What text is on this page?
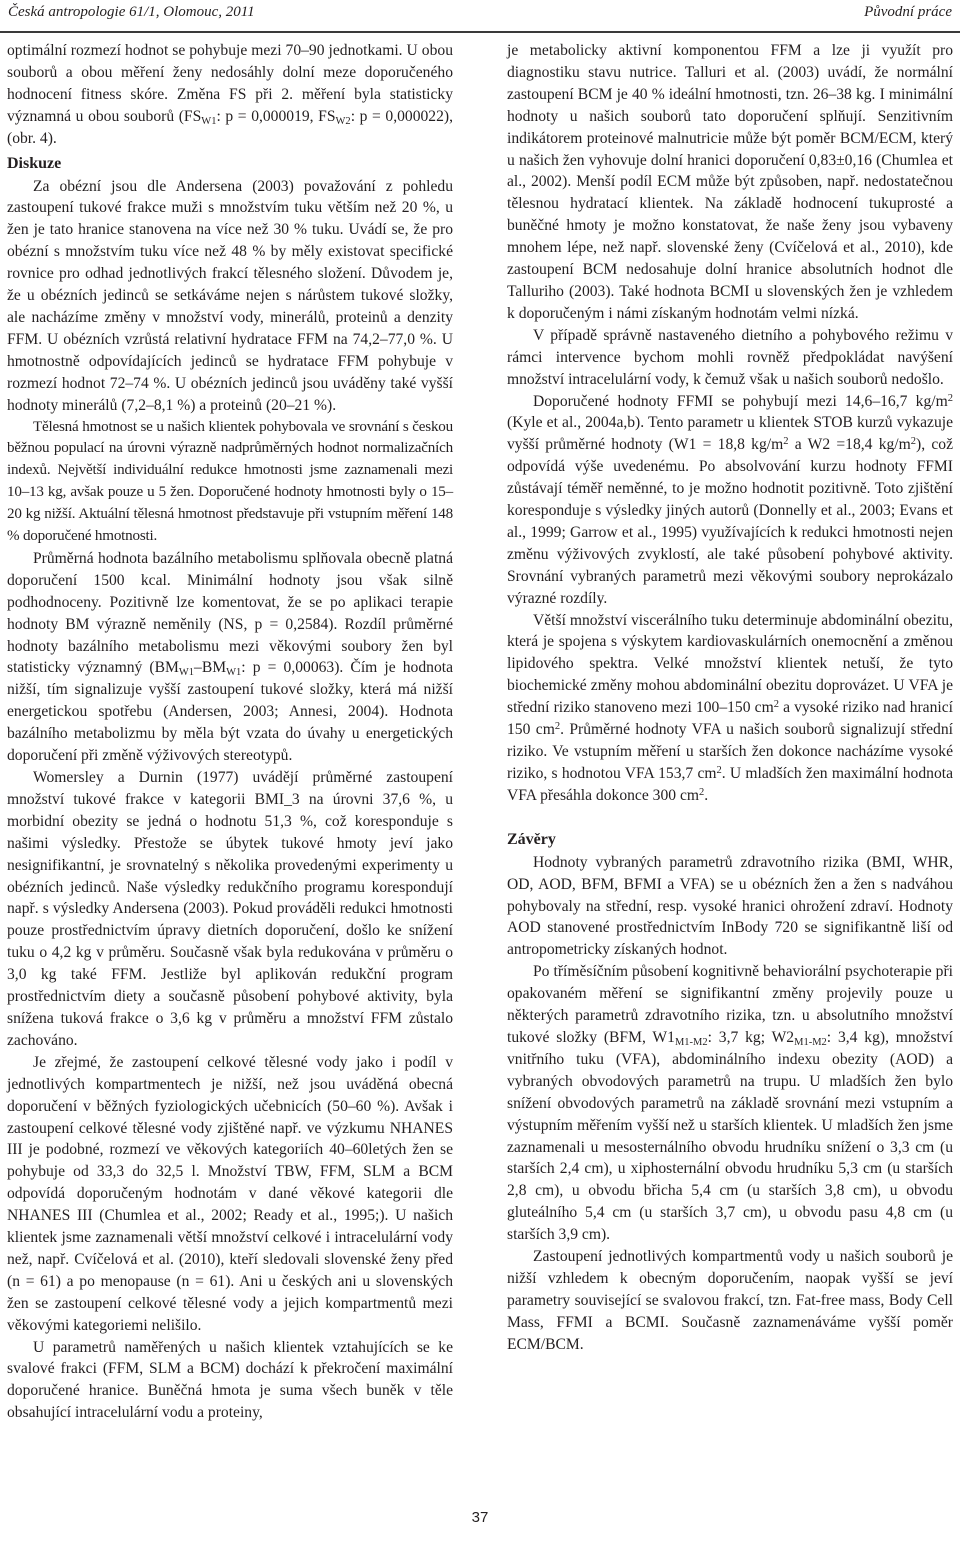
Česká antropologie 61/1, Olomouc, 2011	Původní práce

optimální rozmezí hodnot se pohybuje mezi 70–90 jednotkami. U obou souborů a obou měření ženy nedosáhly dolní meze doporučeného hodnocení fitness skóre. Změna FS při 2. měření byla statisticky významná u obou souborů ($FS_{W1}$: p = 0,000019, $FS_{W2}$: p = 0,000022), (obr. 4).

Diskuze

Za obézní jsou dle Andersena (2003) považování z pohledu zastoupení tukové frakce muži s množstvím tuku větším než 20 %, u žen je tato hranice stanovena na více než 30 % tuku. Uvádí se, že pro obézní s množstvím tuku více než 48 % by měly existovat specifické rovnice pro odhad jednotlivých frakcí tělesného složení. Důvodem je, že u obézních jedinců se setkáváme nejen s nárůstem tukové složky, ale nacházíme změny v množství vody, minerálů, proteinů a denzity FFM. U obézních vzrůstá relativní hydratace FFM na 74,2–77,0 %. U hmotnostně odpovídajících jedinců se hydratace FFM pohybuje v rozmezí hodnot 72–74 %. U obézních jedinců jsou uváděny také vyšší hodnoty minerálů (7,2–8,1 %) a proteinů (20–21 %).

Tělesná hmotnost se u našich klientek pohybovala ve srovnání s českou běžnou populací na úrovni výrazně nadprůměrných hodnot normalizačních indexů. Největší individuální redukce hmotnosti jsme zaznamenali mezi 10–13 kg, avšak pouze u 5 žen. Doporučené hodnoty hmotnosti byly o 15–20 kg nižší. Aktuální tělesná hmotnost představuje při vstupním měření 148 % doporučené hmotnosti.

Průměrná hodnota bazálního metabolismu splňovala obecně platná doporučení 1500 kcal. Minimální hodnoty jsou však silně podhodnoceny. Pozitivně lze komentovat, že se po aplikaci terapie hodnoty BM výrazně neměnily (NS, p = 0,2584). Rozdíl průměrné hodnoty bazálního metabolismu mezi věkovými soubory žen byl statisticky významný ($BM_{W1}-BM_{W1}$: p = 0,00063). Čím je hodnota nižší, tím signalizuje vyšší zastoupení tukové složky, která má nižší energetickou spotřebu (Andersen, 2003; Annesi, 2004). Hodnota bazálního metabolizmu by měla být vzata do úvahy u energetických doporučení při změně výživových stereotypů.

Womersley a Durnin (1977) uvádějí průměrné zastoupení množství tukové frakce v kategorii BMI_3 na úrovni 37,6 %, u morbidní obezity se jedná o hodnotu 51,3 %, což koresponduje s našimi výsledky. Přestože se úbytek tukové hmoty jeví jako nesignifikantní, je srovnatelný s několika provedenými experimenty u obézních jedinců. Naše výsledky redukčního programu korespondují např. s výsledky Andersena (2003). Pokud prováděli redukci hmotnosti pouze prostřednictvím úpravy dietních doporučení, došlo ke snížení tuku o 4,2 kg v průměru. Současně však byla redukována v průměru o 3,0 kg také FFM. Jestliže byl aplikován redukční program prostřednictvím diety a současně působení pohybové aktivity, byla snížena tuková frakce o 3,6 kg v průměru a množství FFM zůstalo zachováno.

Je zřejmé, že zastoupení celkové tělesné vody jako i podíl v jednotlivých kompartmentech je nižší, než jsou uváděná obecná doporučení v běžných fyziologických učebnicích (50–60 %). Avšak i zastoupení celkové tělesné vody zjištěné např. ve výzkumu NHANES III je podobné, rozmezí ve věkových kategoriích 40–60letých žen se pohybuje od 33,3 do 32,5 l. Množství TBW, FFM, SLM a BCM odpovídá doporučeným hodnotám v dané věkové kategorii dle NHANES III (Chumlea et al., 2002; Ready et al., 1995;). U našich klientek jsme zaznamenali větší množství celkové i intracelulární vody než, např. Cvíčelová et al. (2010), kteří sledovali slovenské ženy před (n = 61) a po menopause (n = 61). Ani u českých ani u slovenských žen se zastoupení celkové tělesné vody a jejich kompartmentů mezi věkovými kategoriemi nelišilo.

U parametrů naměřených u našich klientek vztahujících se ke svalové frakci (FFM, SLM a BCM) dochází k překročení maximální doporučené hranice. Buněčná hmota je suma všech buněk v těle obsahující intracelulární vodu a proteiny,

je metabolicky aktivní komponentou FFM a lze ji využít pro diagnostiku stavu nutrice. Talluri et al. (2003) uvádí, že normální zastoupení BCM je 40 % ideální hmotnosti, tzn. 26–38 kg. I minimální hodnoty u našich souborů tato doporučení splňují. Senzitivním indikátorem proteinové malnutricie může být poměr BCM/ECM, který u našich žen vyhovuje dolní hranici doporučení 0,83±0,16 (Chumlea et al., 2002). Menší podíl ECM může být způsoben, např. nedostatečnou tělesnou hydratací klientek. Na základě hodnocení tukuprosté a buněčné hmoty je možno konstatovat, že naše ženy jsou vybaveny mnohem lépe, než např. slovenské ženy (Cvíčelová et al., 2010), kde zastoupení BCM nedosahuje dolní hranice absolutních hodnot dle Talluriho (2003). Také hodnota BCMI u slovenských žen je vzhledem k doporučeným i námi získaným hodnotám velmi nízká.

V případě správně nastaveného dietního a pohybového režimu v rámci intervence bychom mohli rovněž předpokládat navýšení množství intracelulární vody, k čemuž však u našich souborů nedošlo.

Doporučené hodnoty FFMI se pohybují mezi 14,6–16,7 $kg/m^2$ (Kyle et al., 2004a,b). Tento parametr u klientek STOB kurzů vykazuje vyšší průměrné hodnoty (W1 = 18,8 $kg/m^2$ a W2 =18,4 $kg/m^2$), což odpovídá výše uvedenému. Po absolvování kurzu hodnoty FFMI zůstávají téměř neměnné, to je možno hodnotit pozitivně. Toto zjištění koresponduje s výsledky jiných autorů (Donnelly et al., 2003; Evans et al., 1999; Garrow et al., 1995) využívajících k redukci hmotnosti nejen změnu výživových zvyklostí, ale také působení pohybové aktivity. Srovnání vybraných parametrů mezi věkovými soubory neprokázalo výrazné rozdíly.

Větší množství viscerálního tuku determinuje abdominální obezitu, která je spojena s výskytem kardiovaskulárních onemocnění a změnou lipidového spektra. Velké množství klientek netuší, že tyto biochemické změny mohou abdominální obezitu doprovázet. U VFA je střední riziko stanoveno mezi 100–150 $cm^2$ a vysoké riziko nad hranicí 150 $cm^2$. Průměrné hodnoty VFA u našich souborů signalizují střední riziko. Ve vstupním měření u starších žen dokonce nacházíme vysoké riziko, s hodnotou VFA 153,7 $cm^2$. U mladších žen maximální hodnota VFA přesáhla dokonce 300 $cm^2$.

Závěry

Hodnoty vybraných parametrů zdravotního rizika (BMI, WHR, OD, AOD, BFM, BFMI a VFA) se u obézních žen a žen s nadváhou pohybovaly na střední, resp. vysoké hranici ohrožení zdraví. Hodnoty AOD stanovené prostřednictvím InBody 720 se signifikantně liší od antropometricky získaných hodnot.

Po tříměsíčním působení kognitivně behaviorální psychoterapie při opakovaném měření se signifikantní změny projevily pouze u některých parametrů zdravotního rizika, tzn. u absolutního množství tukové složky (BFM, $W1_{M1-M2}$: 3,7 kg; $W2_{M1-M2}$: 3,4 kg), množství vnitřního tuku (VFA), abdominálního indexu obezity (AOD) a vybraných obvodových parametrů na trupu. U mladších žen bylo snížení obvodových parametrů na základě srovnání mezi vstupním a výstupním měřením vyšší než u starších klientek. U mladších žen jsme zaznamenali u mesosternálního obvodu hrudníku snížení o 3,3 cm (u starších 2,4 cm), u xiphosternální obvodu hrudníku 5,3 cm (u starších 2,8 cm), u obvodu břicha 5,4 cm (u starších 3,8 cm), u obvodu gluteálního 5,4 cm (u starších 3,7 cm), u obvodu pasu 4,8 cm (u starších 3,9 cm).

Zastoupení jednotlivých kompartmentů vody u našich souborů je nižší vzhledem k obecným doporučením, naopak vyšší se jeví parametry související se svalovou frakcí, tzn. Fat-free mass, Body Cell Mass, FFMI a BCMI. Současně zaznamenáváme vyšší poměr ECM/BCM.

37
